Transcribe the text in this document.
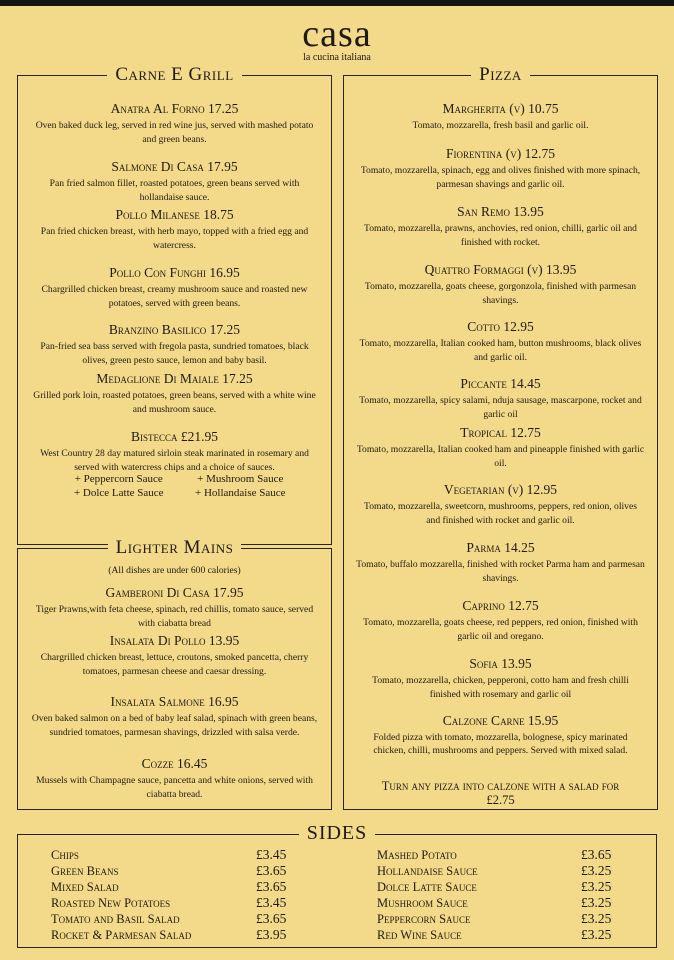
casa
la cucina italiana
Carne E Grill
Anatra Al Forno 17.25
Oven baked duck leg, served in red wine jus, served with mashed potato and green beans.
Salmone Di Casa 17.95
Pan fried salmon fillet, roasted potatoes, green beans served with hollandaise sauce.
Pollo Milanese 18.75
Pan fried chicken breast, with herb mayo, topped with a fried egg and watercress.
Pollo Con Funghi 16.95
Chargrilled chicken breast, creamy mushroom sauce and roasted new potatoes, served with green beans.
Branzino Basilico 17.25
Pan-fried sea bass served with fregola pasta, sundried tomatoes, black olives, green pesto sauce, lemon and baby basil.
Medaglione Di Maiale 17.25
Grilled pork loin, roasted potatoes, green beans, served with a white wine and mushroom sauce.
Bistecca £21.95
West Country 28 day matured sirloin steak marinated in rosemary and served with watercress chips and a choice of sauces.
+ Peppercorn Sauce	+ Mushroom Sauce
+ Dolce Latte Sauce	+ Hollandaise Sauce
Lighter Mains
(All dishes are under 600 calories)
Gamberoni Di Casa 17.95
Tiger Prawns,with feta cheese, spinach, red chillis, tomato sauce, served with ciabatta bread
Insalata Di Pollo 13.95
Chargrilled chicken breast, lettuce, croutons, smoked pancetta, cherry tomatoes, parmesan cheese and caesar dressing.
Insalata Salmone 16.95
Oven baked salmon on a bed of baby leaf salad, spinach with green beans, sundried tomatoes, parmesan shavings, drizzled with salsa verde.
Cozze 16.45
Mussels with Champagne sauce, pancetta and white onions, served with ciabatta bread.
Pizza
Margherita (v) 10.75
Tomato, mozzarella, fresh basil and garlic oil.
Fiorentina (v) 12.75
Tomato, mozzarella, spinach, egg and olives finished with more spinach, parmesan shavings and garlic oil.
San Remo 13.95
Tomato, mozzarella, prawns, anchovies, red onion, chilli, garlic oil and finished with rocket.
Quattro Formaggi (v) 13.95
Tomato, mozzarella, goats cheese, gorgonzola, finished with parmesan shavings.
Cotto 12.95
Tomato, mozzarella, Italian cooked ham, button mushrooms, black olives and garlic oil.
Piccante 14.45
Tomato, mozzarella, spicy salami, nduja sausage, mascarpone, rocket and garlic oil
Tropical 12.75
Tomato, mozzarella, Italian cooked ham and pineapple finished with garlic oil.
Vegetarian (v) 12.95
Tomato, mozzarella, sweetcorn, mushrooms, peppers, red onion, olives and finished with rocket and garlic oil.
Parma 14.25
Tomato, buffalo mozzarella, finished with rocket Parma ham and parmesan shavings.
Caprino 12.75
Tomato, mozzarella, goats cheese, red peppers, red onion, finished with garlic oil and oregano.
Sofia 13.95
Tomato, mozzarella, chicken, pepperoni, cotto ham and fresh chilli finished with rosemary and garlic oil
Calzone Carne 15.95
Folded pizza with tomato, mozzarella, bolognese, spicy marinated chicken, chilli, mushrooms and peppers. Served with mixed salad.
Turn any pizza into calzone with a salad for £2.75
SIDES
Chips
Green Beans
Mixed Salad
Roasted New Potatoes
Tomato and Basil Salad
Rocket & Parmesan Salad
£3.45
£3.65
£3.65
£3.45
£3.65
£3.95
Mashed Potato
Hollandaise Sauce
Dolce Latte Sauce
Mushroom Sauce
Peppercorn Sauce
Red Wine Sauce
£3.65
£3.25
£3.25
£3.25
£3.25
£3.25
